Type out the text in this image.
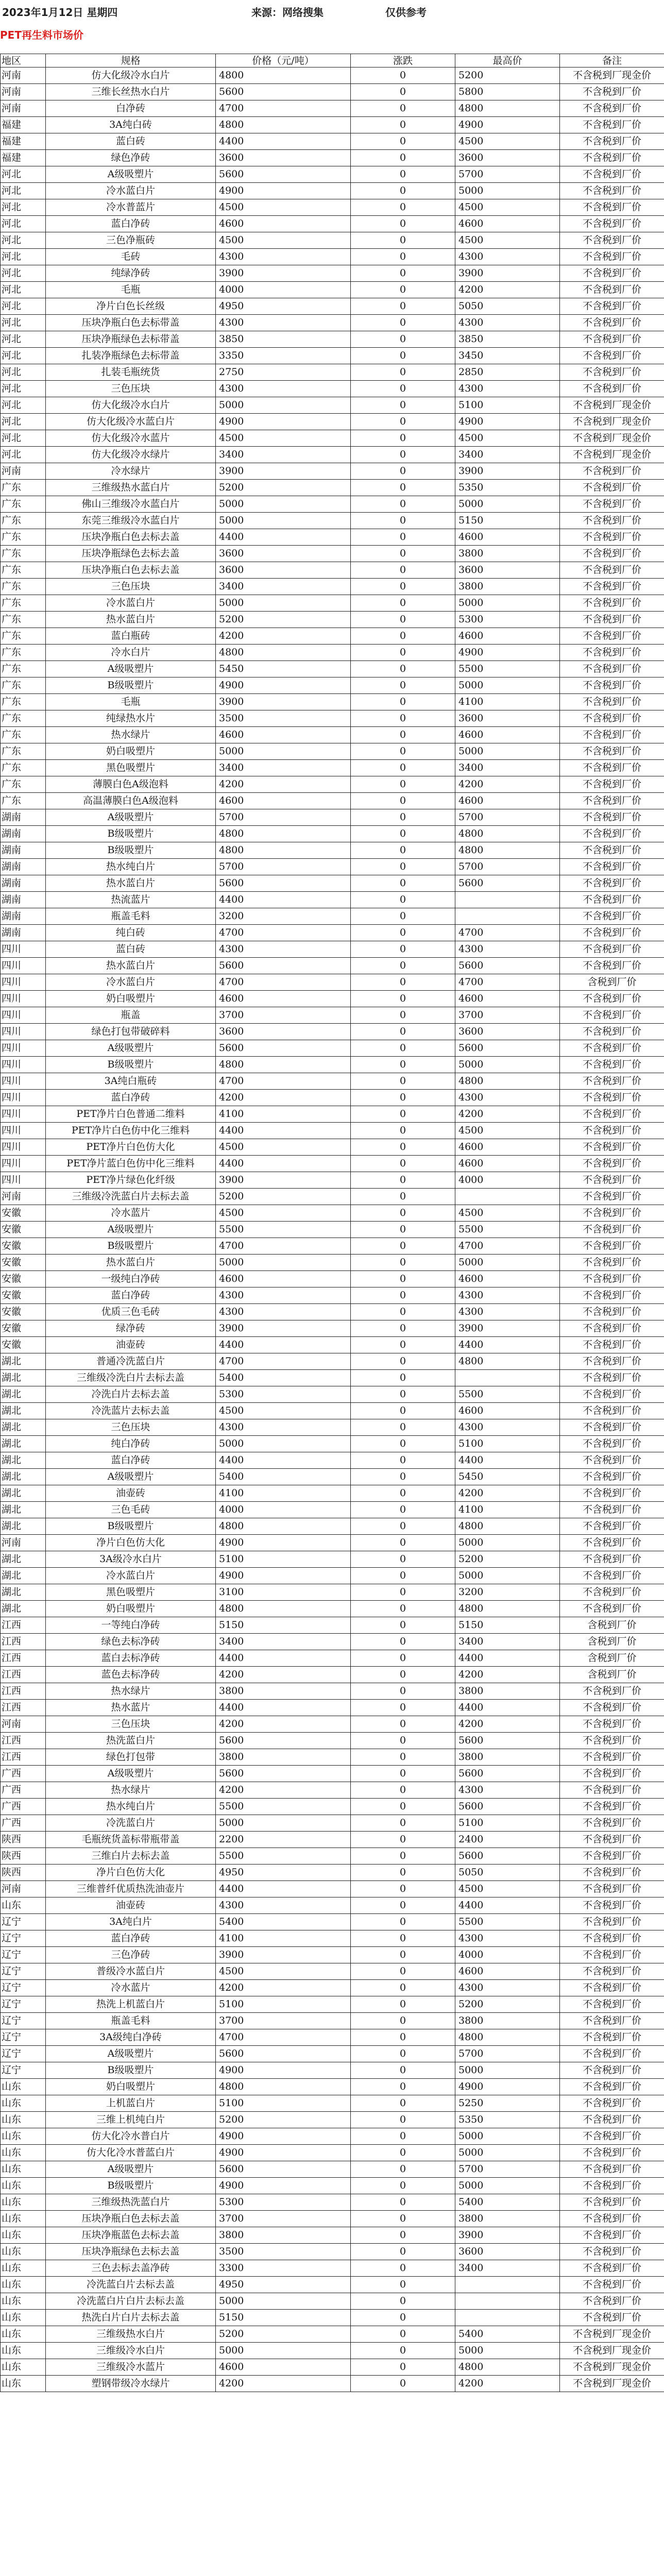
2023年1月12日 星期四	来源：网络搜集	仅供参考
PET再生料市场价
地区	规格	价格（元/吨）	涨跌	最高价	备注
河南	仿大化级冷水白片	4800	0	5200	不含税到厂现金价
河南	三维长丝热水白片	5600	0	5800	不含税到厂价
河南	白净砖	4700	0	4800	不含税到厂价
福建	3A纯白砖	4800	0	4900	不含税到厂价
福建	蓝白砖	4400	0	4500	不含税到厂价
福建	绿色净砖	3600	0	3600	不含税到厂价
河北	A级吸塑片	5600	0	5700	不含税到厂价
河北	冷水蓝白片	4900	0	5000	不含税到厂价
河北	冷水普蓝片	4500	0	4500	不含税到厂价
河北	蓝白净砖	4600	0	4600	不含税到厂价
河北	三色净瓶砖	4500	0	4500	不含税到厂价
河北	毛砖	4300	0	4300	不含税到厂价
河北	纯绿净砖	3900	0	3900	不含税到厂价
河北	毛瓶	4000	0	4200	不含税到厂价
河北	净片白色长丝级	4950	0	5050	不含税到厂价
河北	压块净瓶白色去标带盖	4300	0	4300	不含税到厂价
河北	压块净瓶绿色去标带盖	3850	0	3850	不含税到厂价
河北	扎装净瓶绿色去标带盖	3350	0	3450	不含税到厂价
河北	扎装毛瓶统货	2750	0	2850	不含税到厂价
河北	三色压块	4300	0	4300	不含税到厂价
河北	仿大化级冷水白片	5000	0	5100	不含税到厂现金价
河北	仿大化级冷水蓝白片	4900	0	4900	不含税到厂现金价
河北	仿大化级冷水蓝片	4500	0	4500	不含税到厂现金价
河北	仿大化级冷水绿片	3400	0	3400	不含税到厂现金价
河南	冷水绿片	3900	0	3900	不含税到厂价
广东	三维级热水蓝白片	5200	0	5350	不含税到厂价
广东	佛山三维级冷水蓝白片	5000	0	5000	不含税到厂价
广东	东莞三维级冷水蓝白片	5000	0	5150	不含税到厂价
广东	压块净瓶白色去标去盖	4400	0	4600	不含税到厂价
广东	压块净瓶绿色去标去盖	3600	0	3800	不含税到厂价
广东	压块净瓶白色去标去盖	3600	0	3600	不含税到厂价
广东	三色压块	3400	0	3800	不含税到厂价
广东	冷水蓝白片	5000	0	5000	不含税到厂价
广东	热水蓝白片	5200	0	5300	不含税到厂价
广东	蓝白瓶砖	4200	0	4600	不含税到厂价
广东	冷水白片	4800	0	4900	不含税到厂价
广东	A级吸塑片	5450	0	5500	不含税到厂价
广东	B级吸塑片	4900	0	5000	不含税到厂价
广东	毛瓶	3900	0	4100	不含税到厂价
广东	纯绿热水片	3500	0	3600	不含税到厂价
广东	热水绿片	4600	0	4600	不含税到厂价
广东	奶白吸塑片	5000	0	5000	不含税到厂价
广东	黑色吸塑片	3400	0	3400	不含税到厂价
广东	薄膜白色A级泡料	4200	0	4200	不含税到厂价
广东	高温薄膜白色A级泡料	4600	0	4600	不含税到厂价
湖南	A级吸塑片	5700	0	5700	不含税到厂价
湖南	B级吸塑片	4800	0	4800	不含税到厂价
湖南	B级吸塑片	4800	0	4800	不含税到厂价
湖南	热水纯白片	5700	0	5700	不含税到厂价
湖南	热水蓝白片	5600	0	5600	不含税到厂价
湖南	热流蓝片	4400	0		不含税到厂价
湖南	瓶盖毛料	3200	0		不含税到厂价
湖南	纯白砖	4700	0	4700	不含税到厂价
四川	蓝白砖	4300	0	4300	不含税到厂价
四川	热水蓝白片	5600	0	5600	不含税到厂价
四川	冷水蓝白片	4700	0	4700	含税到厂价
四川	奶白吸塑片	4600	0	4600	不含税到厂价
四川	瓶盖	3700	0	3700	不含税到厂价
四川	绿色打包带破碎料	3600	0	3600	不含税到厂价
四川	A级吸塑片	5600	0	5600	不含税到厂价
四川	B级吸塑片	4800	0	5000	不含税到厂价
四川	3A纯白瓶砖	4700	0	4800	不含税到厂价
四川	蓝白净砖	4200	0	4300	不含税到厂价
四川	PET净片白色普通二维料	4100	0	4200	不含税到厂价
四川	PET净片白色仿中化三维料	4400	0	4500	不含税到厂价
四川	PET净片白色仿大化	4500	0	4600	不含税到厂价
四川	PET净片蓝白色仿中化三维料	4400	0	4600	不含税到厂价
四川	PET净片绿色化纤级	3900	0	4000	不含税到厂价
河南	三维级冷洗蓝白片去标去盖	5200	0		不含税到厂价
安徽	冷水蓝片	4500	0	4500	不含税到厂价
安徽	A级吸塑片	5500	0	5500	不含税到厂价
安徽	B级吸塑片	4700	0	4700	不含税到厂价
安徽	热水蓝白片	5000	0	5000	不含税到厂价
安徽	一级纯白净砖	4600	0	4600	不含税到厂价
安徽	蓝白净砖	4300	0	4300	不含税到厂价
安徽	优质三色毛砖	4300	0	4300	不含税到厂价
安徽	绿净砖	3900	0	3900	不含税到厂价
安徽	油壶砖	4400	0	4400	不含税到厂价
湖北	普通冷洗蓝白片	4700	0	4800	不含税到厂价
湖北	三维级冷洗白片去标去盖	5400	0		不含税到厂价
湖北	冷洗白片去标去盖	5300	0	5500	不含税到厂价
湖北	冷洗蓝片去标去盖	4500	0	4600	不含税到厂价
湖北	三色压块	4300	0	4300	不含税到厂价
湖北	纯白净砖	5000	0	5100	不含税到厂价
湖北	蓝白净砖	4400	0	4400	不含税到厂价
湖北	A级吸塑片	5400	0	5450	不含税到厂价
湖北	油壶砖	4100	0	4200	不含税到厂价
湖北	三色毛砖	4000	0	4100	不含税到厂价
湖北	B级吸塑片	4800	0	4800	不含税到厂价
河南	净片白色仿大化	4900	0	5000	不含税到厂价
湖北	3A级冷水白片	5100	0	5200	不含税到厂价
湖北	冷水蓝白片	4900	0	5000	不含税到厂价
湖北	黑色吸塑片	3100	0	3200	不含税到厂价
湖北	奶白吸塑片	4800	0	4800	不含税到厂价
江西	一等纯白净砖	5150	0	5150	含税到厂价
江西	绿色去标净砖	3400	0	3400	含税到厂价
江西	蓝白去标净砖	4400	0	4400	含税到厂价
江西	蓝色去标净砖	4200	0	4200	含税到厂价
江西	热水绿片	3800	0	3800	不含税到厂价
江西	热水蓝片	4400	0	4400	不含税到厂价
河南	三色压块	4200	0	4200	不含税到厂价
江西	热洗蓝白片	5600	0	5600	不含税到厂价
江西	绿色打包带	3800	0	3800	不含税到厂价
广西	A级吸塑片	5600	0	5600	不含税到厂价
广西	热水绿片	4200	0	4300	不含税到厂价
广西	热水纯白片	5500	0	5600	不含税到厂价
广西	冷洗蓝白片	5000	0	5100	不含税到厂价
陕西	毛瓶统货盖标带瓶带盖	2200	0	2400	不含税到厂价
陕西	三维白片去标去盖	5500	0	5600	不含税到厂价
陕西	净片白色仿大化	4950	0	5050	不含税到厂价
河南	三维普纤优质热洗油壶片	4400	0	4500	不含税到厂价
山东	油壶砖	4300	0	4400	不含税到厂价
辽宁	3A纯白片	5400	0	5500	不含税到厂价
辽宁	蓝白净砖	4100	0	4300	不含税到厂价
辽宁	三色净砖	3900	0	4000	不含税到厂价
辽宁	普级冷水蓝白片	4500	0	4600	不含税到厂价
辽宁	冷水蓝片	4200	0	4300	不含税到厂价
辽宁	热洗上机蓝白片	5100	0	5200	不含税到厂价
辽宁	瓶盖毛料	3700	0	3800	不含税到厂价
辽宁	3A级纯白净砖	4700	0	4800	不含税到厂价
辽宁	A级吸塑片	5600	0	5700	不含税到厂价
辽宁	B级吸塑片	4900	0	5000	不含税到厂价
山东	奶白吸塑片	4800	0	4900	不含税到厂价
山东	上机蓝白片	5100	0	5250	不含税到厂价
山东	三维上机纯白片	5200	0	5350	不含税到厂价
山东	仿大化冷水普白片	4900	0	5000	不含税到厂价
山东	仿大化冷水普蓝白片	4900	0	5000	不含税到厂价
山东	A级吸塑片	5600	0	5700	不含税到厂价
山东	B级吸塑片	4900	0	5000	不含税到厂价
山东	三维级热洗蓝白片	5300	0	5400	不含税到厂价
山东	压块净瓶白色去标去盖	3700	0	3800	不含税到厂价
山东	压块净瓶蓝色去标去盖	3800	0	3900	不含税到厂价
山东	压块净瓶绿色去标去盖	3500	0	3600	不含税到厂价
山东	三色去标去盖净砖	3300	0	3400	不含税到厂价
山东	冷洗蓝白片去标去盖	4950	0		不含税到厂价
山东	冷洗蓝白片白片去标去盖	5000	0		不含税到厂价
山东	热洗白片白片去标去盖	5150	0		不含税到厂价
山东	三维级热水白片	5200	0	5400	不含税到厂现金价
山东	三维级冷水白片	5000	0	5000	不含税到厂现金价
山东	三维级冷水蓝片	4600	0	4800	不含税到厂现金价
山东	塑钢带级冷水绿片	4200	0	4200	不含税到厂现金价
